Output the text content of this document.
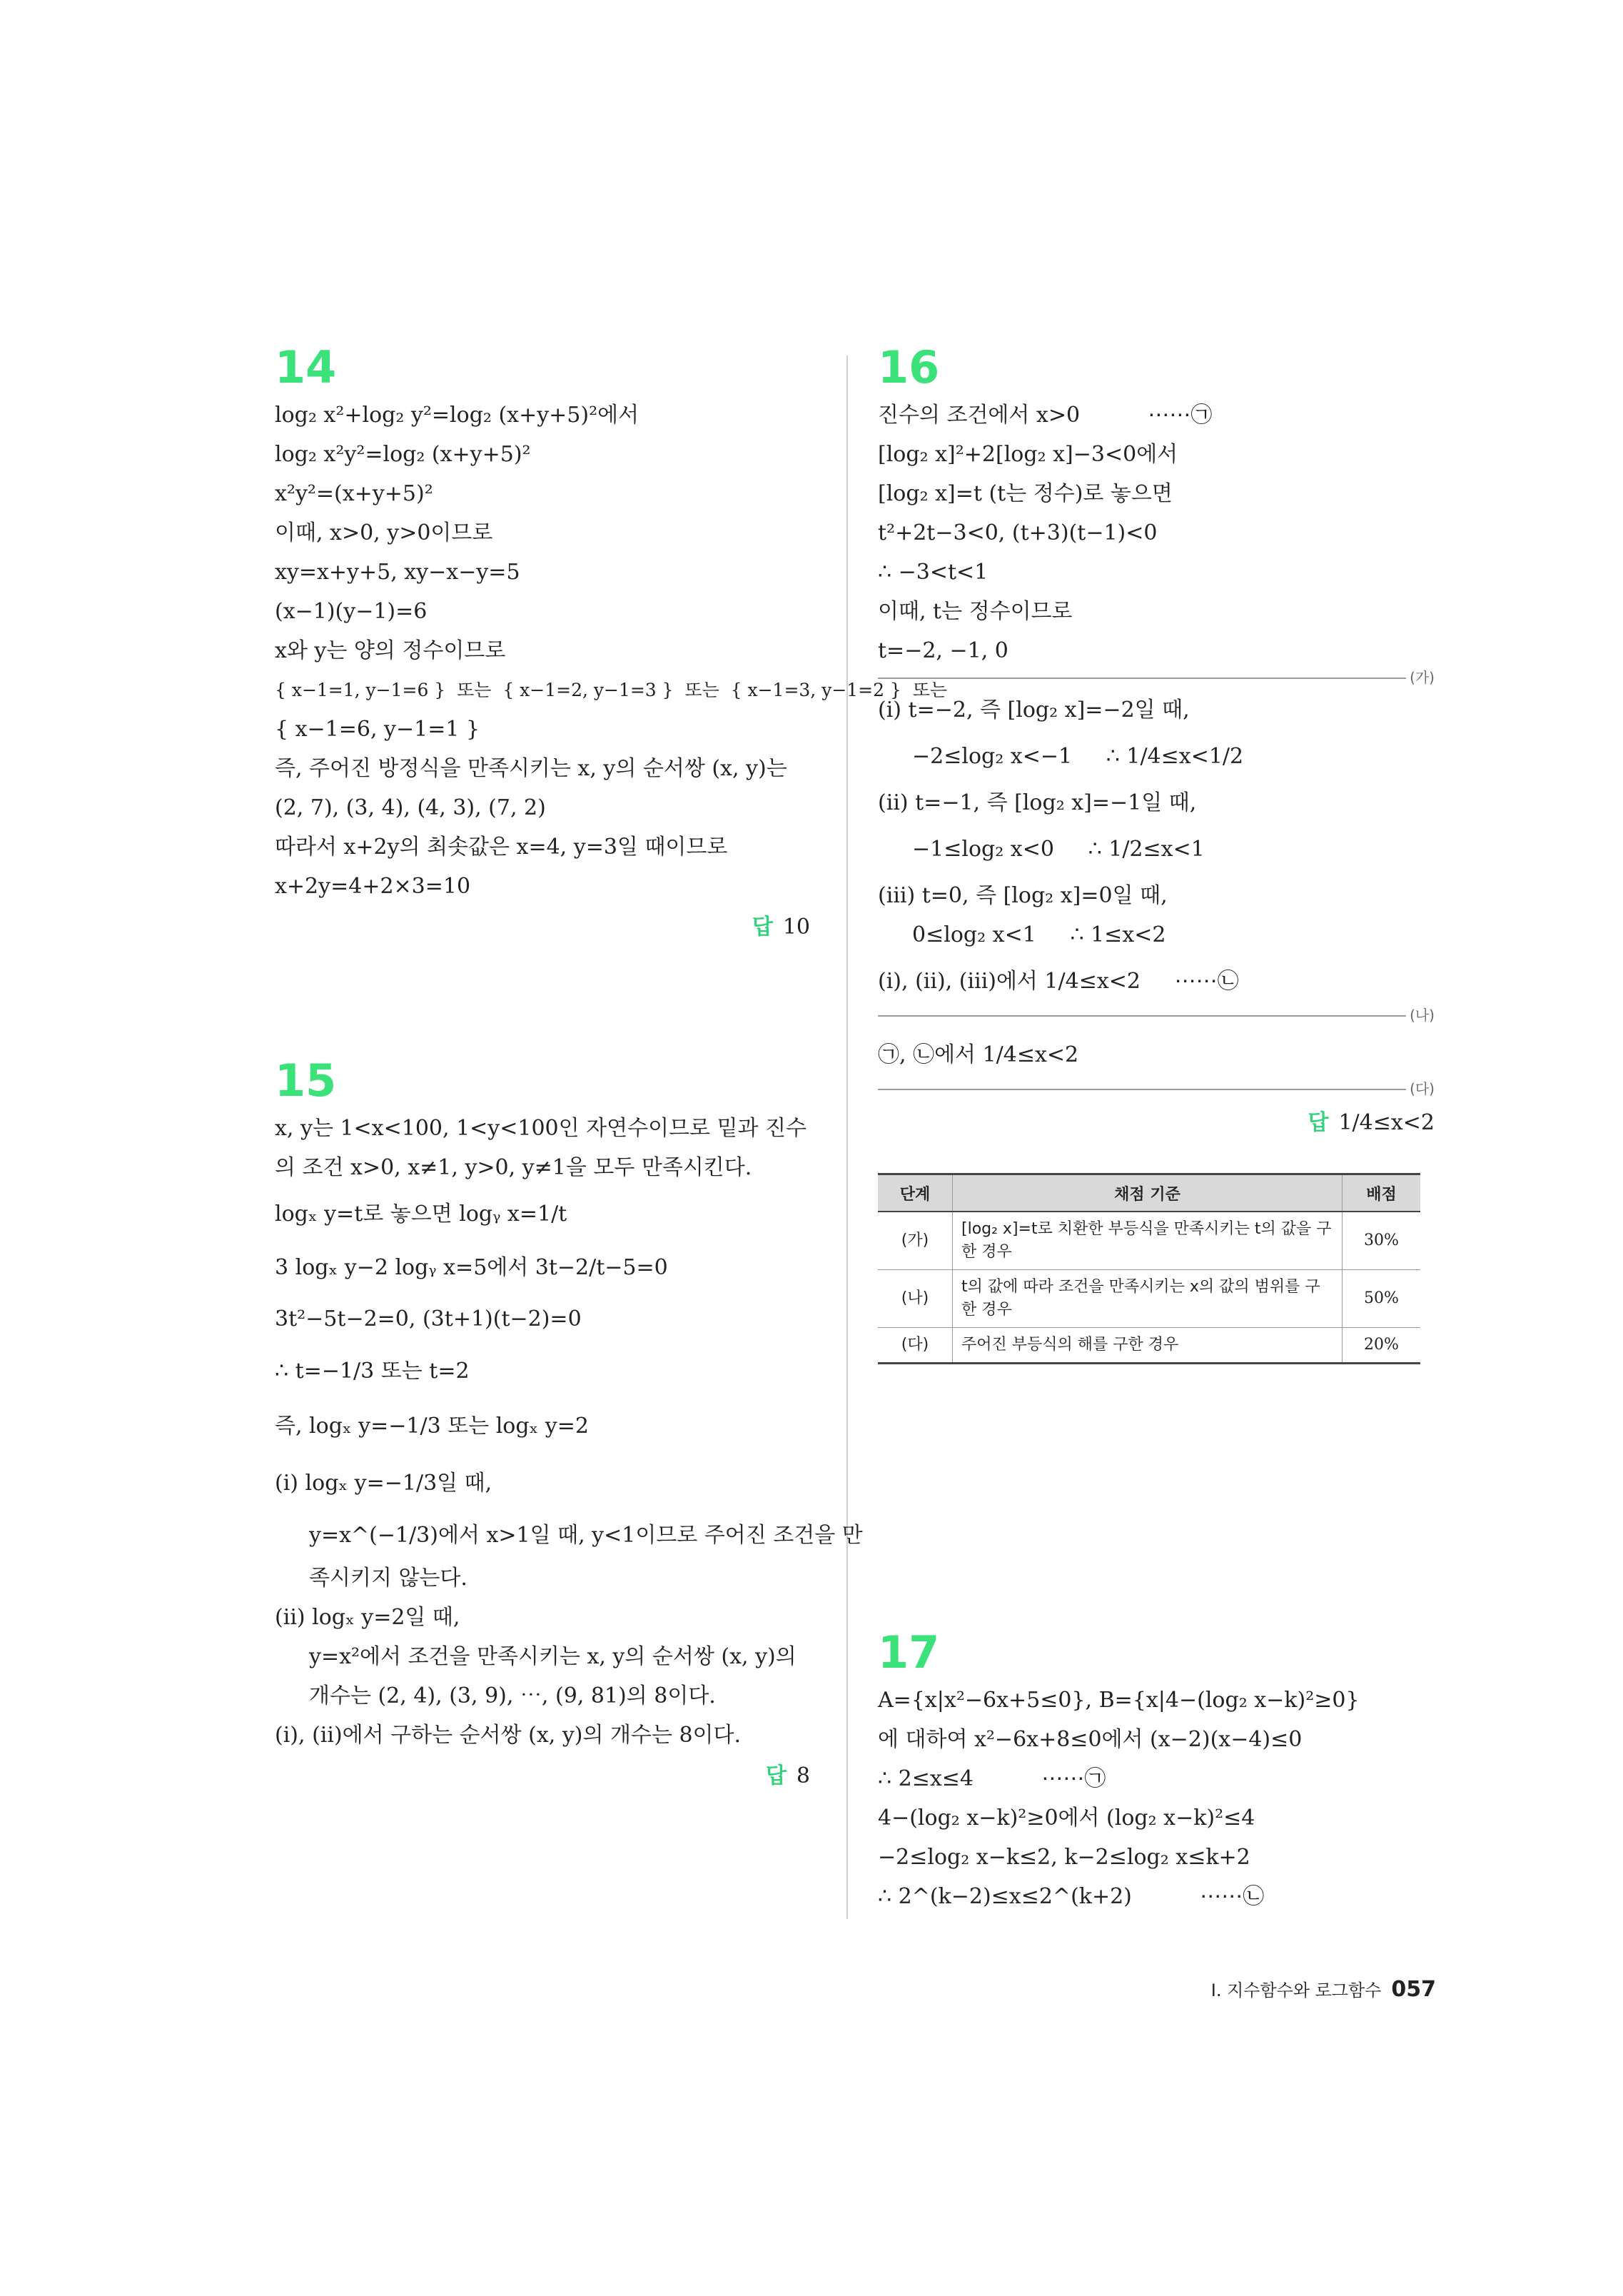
14
log₂ x²+log₂ y²=log₂ (x+y+5)²에서
log₂ x²y²=log₂ (x+y+5)²
x²y²=(x+y+5)²
이때, x>0, y>0이므로
xy=x+y+5, xy−x−y=5
(x−1)(y−1)=6
x와 y는 양의 정수이므로
{ x−1=1, y−1=6 }  또는  { x−1=2, y−1=3 }  또는  { x−1=3, y−1=2 }  또는
{ x−1=6, y−1=1 }
즉, 주어진 방정식을 만족시키는 x, y의 순서쌍 (x, y)는
(2, 7), (3, 4), (4, 3), (7, 2)
따라서 x+2y의 최솟값은 x=4, y=3일 때이므로
x+2y=4+2×3=10
답 10
15
x, y는 1<x<100, 1<y<100인 자연수이므로 밑과 진수
의 조건 x>0, x≠1, y>0, y≠1을 모두 만족시킨다.
logₓ y=t로 놓으면 logᵧ x=1/t
3 logₓ y−2 logᵧ x=5에서 3t−2/t−5=0
3t²−5t−2=0, (3t+1)(t−2)=0
∴ t=−1/3 또는 t=2
즉, logₓ y=−1/3 또는 logₓ y=2
(ⅰ) logₓ y=−1/3일 때,
y=x^(−1/3)에서 x>1일 때, y<1이므로 주어진 조건을 만
족시키지 않는다.
(ⅱ) logₓ y=2일 때,
y=x²에서 조건을 만족시키는 x, y의 순서쌍 (x, y)의
개수는 (2, 4), (3, 9), ⋯, (9, 81)의 8이다.
(ⅰ), (ⅱ)에서 구하는 순서쌍 (x, y)의 개수는 8이다.
답 8
16
진수의 조건에서 x>0          ⋯⋯㉠
[log₂ x]²+2[log₂ x]−3<0에서
[log₂ x]=t (t는 정수)로 놓으면
t²+2t−3<0, (t+3)(t−1)<0
∴ −3<t<1
이때, t는 정수이므로
t=−2, −1, 0
(가)
(ⅰ) t=−2, 즉 [log₂ x]=−2일 때,
−2≤log₂ x<−1     ∴ 1/4≤x<1/2
(ⅱ) t=−1, 즉 [log₂ x]=−1일 때,
−1≤log₂ x<0     ∴ 1/2≤x<1
(ⅲ) t=0, 즉 [log₂ x]=0일 때,
0≤log₂ x<1     ∴ 1≤x<2
(ⅰ), (ⅱ), (ⅲ)에서 1/4≤x<2     ⋯⋯㉡
(나)
㉠, ㉡에서 1/4≤x<2
(다)
답 1/4≤x<2
단계	채점 기준	배점
(가)	[log₂ x]=t로 치환한 부등식을 만족시키는 t의 값을 구한 경우	30%
(나)	t의 값에 따라 조건을 만족시키는 x의 값의 범위를 구한 경우	50%
(다)	주어진 부등식의 해를 구한 경우	20%
17
A={x|x²−6x+5≤0}, B={x|4−(log₂ x−k)²≥0}
에 대하여 x²−6x+8≤0에서 (x−2)(x−4)≤0
∴ 2≤x≤4          ⋯⋯㉠
4−(log₂ x−k)²≥0에서 (log₂ x−k)²≤4
−2≤log₂ x−k≤2, k−2≤log₂ x≤k+2
∴ 2^(k−2)≤x≤2^(k+2)          ⋯⋯㉡
Ⅰ. 지수함수와 로그함수 057
